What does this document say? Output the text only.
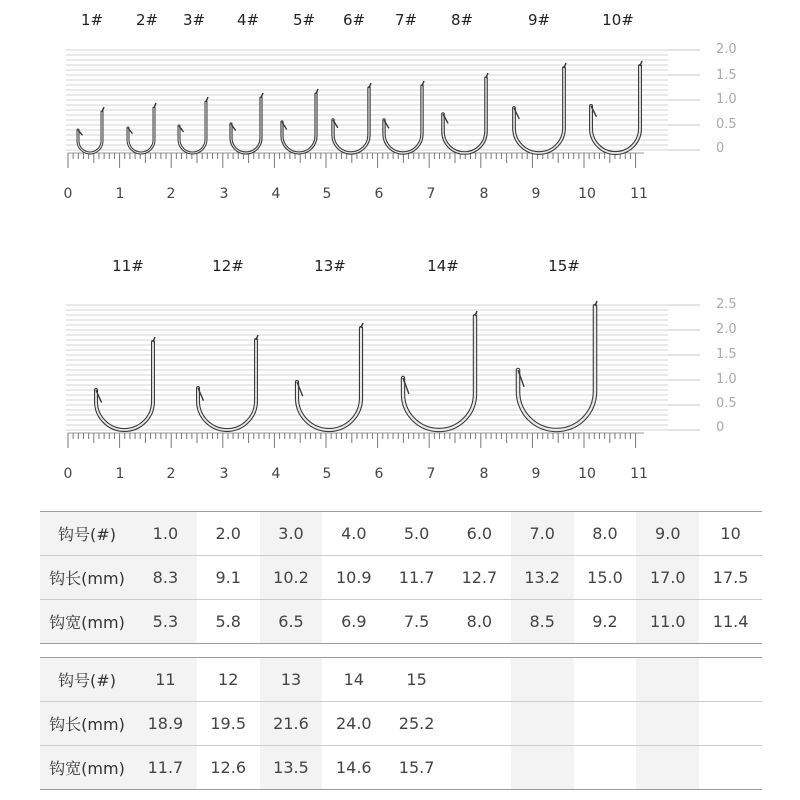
1# 2# 3# 4# 5# 6# 7# 8#	9#	10#
0	1	2	3	4	5	6	7	8	9	10 11
2.0
1.5
1.0
0.5
0
11#	12#	13#	14#	15#
0	1	2	3	4	5	6	7	8	9	10 11
2.5
2.0
1.5
1.0
0.5
0
钩号(#)	1.0	2.0	3.0	4.0	5.0	6.0	7.0	8.0	9.0	10
钩长(mm)	8.3	9.1	10.2	10.9	11.7	12.7	13.2	15.0	17.0	17.5
钩宽(mm)	5.3	5.8	6.5	6.9	7.5	8.0	8.5	9.2	11.0	11.4
钩号(#)	11	12	13	14	15					
钩长(mm)	18.9	19.5	21.6	24.0	25.2					
钩宽(mm)	11.7	12.6	13.5	14.6	15.7					
